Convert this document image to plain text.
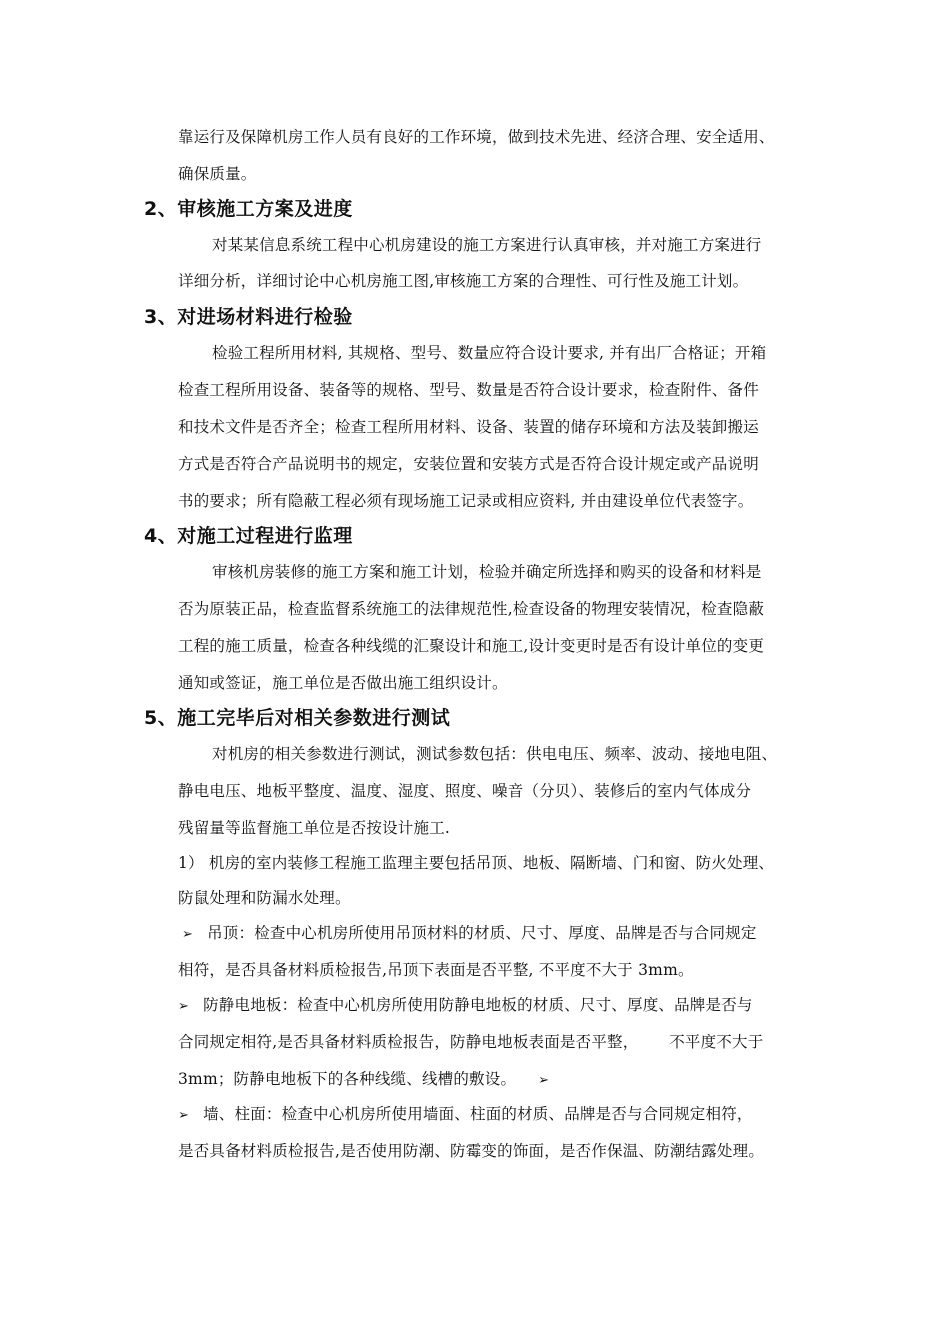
靠运行及保障机房工作人员有良好的工作环境，做到技术先进、经济合理、安全适用、
确保质量。
2、审核施工方案及进度
对某某信息系统工程中心机房建设的施工方案进行认真审核，并对施工方案进行
详细分析，详细讨论中心机房施工图,审核施工方案的合理性、可行性及施工计划。
3、对进场材料进行检验
检验工程所用材料, 其规格、型号、数量应符合设计要求, 并有出厂合格证；开箱
检查工程所用设备、装备等的规格、型号、数量是否符合设计要求，检查附件、备件
和技术文件是否齐全；检查工程所用材料、设备、装置的储存环境和方法及装卸搬运
方式是否符合产品说明书的规定，安装位置和安装方式是否符合设计规定或产品说明
书的要求；所有隐蔽工程必须有现场施工记录或相应资料, 并由建设单位代表签字。
4、对施工过程进行监理
审核机房装修的施工方案和施工计划，检验并确定所选择和购买的设备和材料是
否为原装正品，检查监督系统施工的法律规范性,检查设备的物理安装情况，检查隐蔽
工程的施工质量，检查各种线缆的汇聚设计和施工,设计变更时是否有设计单位的变更
通知或签证，施工单位是否做出施工组织设计。
5、施工完毕后对相关参数进行测试
对机房的相关参数进行测试，测试参数包括：供电电压、频率、波动、接地电阻、
静电电压、地板平整度、温度、湿度、照度、噪音（分贝）、装修后的室内气体成分
残留量等监督施工单位是否按设计施工.
1） 机房的室内装修工程施工监理主要包括吊顶、地板、隔断墙、门和窗、防火处理、
防鼠处理和防漏水处理。
➢ 吊顶：检查中心机房所使用吊顶材料的材质、尺寸、厚度、品牌是否与合同规定
相符，是否具备材料质检报告,吊顶下表面是否平整, 不平度不大于 3mm。
➢ 防静电地板：检查中心机房所使用防静电地板的材质、尺寸、厚度、品牌是否与
合同规定相符,是否具备材料质检报告，防静电地板表面是否平整，      不平度不大于
3mm；防静电地板下的各种线缆、线槽的敷设。 ➢
➢ 墙、柱面：检查中心机房所使用墙面、柱面的材质、品牌是否与合同规定相符，
是否具备材料质检报告,是否使用防潮、防霉变的饰面，是否作保温、防潮结露处理。
